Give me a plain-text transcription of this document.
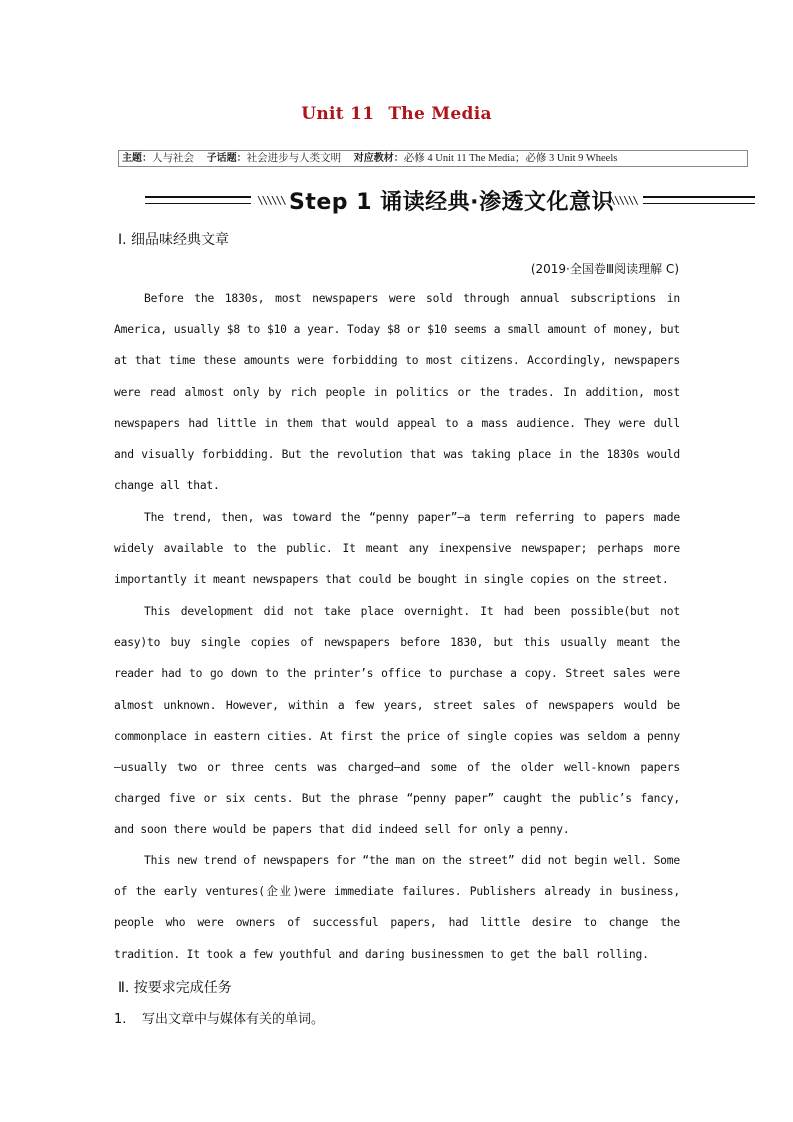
Unit 11 The Media
主题：人与社会 子话题：社会进步与人类文明 对应教材：必修 4 Unit 11 The Media；必修 3 Unit 9 Wheels
\\\\\\ Step 1 诵读经典·渗透文化意识
\\\\\\
Ⅰ. 细品味经典文章
(2019·全国卷Ⅲ阅读理解 C)

Before the 1830s, most newspapers were sold through annual subscriptions in America, usually $8 to $10 a year. Today $8 or $10 seems a small amount of money, but at that time these amounts were forbidding to most citizens. Accordingly, newspapers were read almost only by rich people in politics or the trades. In addition, most newspapers had little in them that would appeal to a mass audience. They were dull and visually forbidding. But the revolution that was taking place in the 1830s would change all that.

The trend, then, was toward the “penny paper”—a term referring to papers made widely available to the public. It meant any inexpensive newspaper; perhaps more importantly it meant newspapers that could be bought in single copies on the street.

This development did not take place overnight. It had been possible(but not easy)to buy single copies of newspapers before 1830, but this usually meant the reader had to go down to the printer’s office to purchase a copy. Street sales were almost unknown. However, within a few years, street sales of newspapers would be commonplace in eastern cities. At first the price of single copies was seldom a penny—usually two or three cents was charged—and some of the older well-known papers charged five or six cents. But the phrase “penny paper” caught the public’s fancy, and soon there would be papers that did indeed sell for only a penny.

This new trend of newspapers for “the man on the street” did not begin well. Some of the early ventures(企业)were immediate failures. Publishers already in business, people who were owners of successful papers, had little desire to change the tradition. It took a few youthful and daring businessmen to get the ball rolling.

Ⅱ. 按要求完成任务
1. 写出文章中与媒体有关的单词。
